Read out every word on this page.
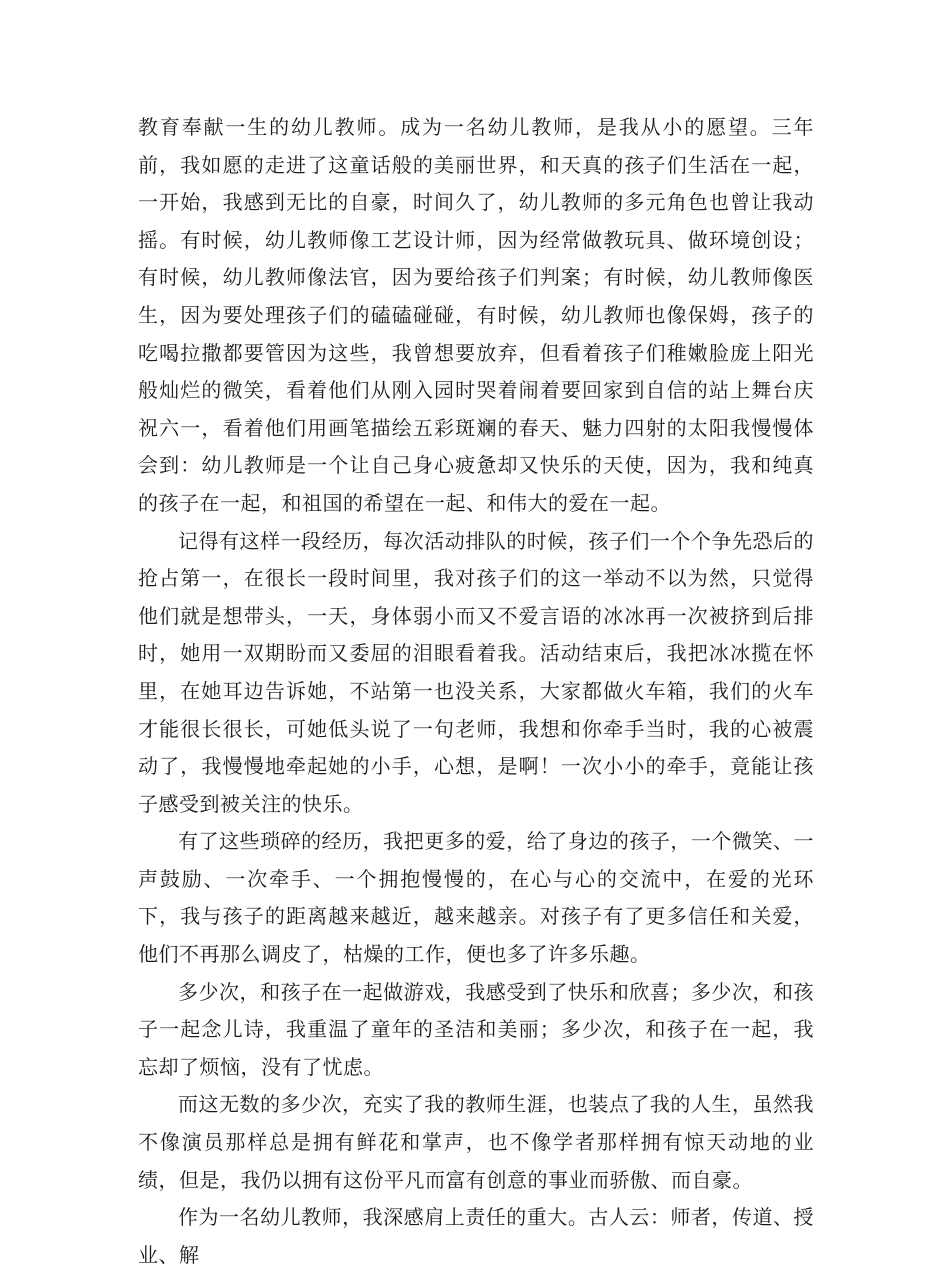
教育奉献一生的幼儿教师。成为一名幼儿教师，是我从小的愿望。三年前，我如愿的走进了这童话般的美丽世界，和天真的孩子们生活在一起，一开始，我感到无比的自豪，时间久了，幼儿教师的多元角色也曾让我动摇。有时候，幼儿教师像工艺设计师，因为经常做教玩具、做环境创设；有时候，幼儿教师像法官，因为要给孩子们判案；有时候，幼儿教师像医生，因为要处理孩子们的磕磕碰碰，有时候，幼儿教师也像保姆，孩子的吃喝拉撒都要管因为这些，我曾想要放弃，但看着孩子们稚嫩脸庞上阳光般灿烂的微笑，看着他们从刚入园时哭着闹着要回家到自信的站上舞台庆祝六一，看着他们用画笔描绘五彩斑斓的春天、魅力四射的太阳我慢慢体会到：幼儿教师是一个让自己身心疲惫却又快乐的天使，因为，我和纯真的孩子在一起，和祖国的希望在一起、和伟大的爱在一起。

记得有这样一段经历，每次活动排队的时候，孩子们一个个争先恐后的抢占第一，在很长一段时间里，我对孩子们的这一举动不以为然，只觉得他们就是想带头，一天，身体弱小而又不爱言语的冰冰再一次被挤到后排时，她用一双期盼而又委屈的泪眼看着我。活动结束后，我把冰冰揽在怀里，在她耳边告诉她，不站第一也没关系，大家都做火车箱，我们的火车才能很长很长，可她低头说了一句老师，我想和你牵手当时，我的心被震动了，我慢慢地牵起她的小手，心想，是啊！一次小小的牵手，竟能让孩子感受到被关注的快乐。

有了这些琐碎的经历，我把更多的爱，给了身边的孩子，一个微笑、一声鼓励、一次牵手、一个拥抱慢慢的，在心与心的交流中，在爱的光环下，我与孩子的距离越来越近，越来越亲。对孩子有了更多信任和关爱，他们不再那么调皮了，枯燥的工作，便也多了许多乐趣。

多少次，和孩子在一起做游戏，我感受到了快乐和欣喜；多少次，和孩子一起念儿诗，我重温了童年的圣洁和美丽；多少次，和孩子在一起，我忘却了烦恼，没有了忧虑。

而这无数的多少次，充实了我的教师生涯，也装点了我的人生，虽然我不像演员那样总是拥有鲜花和掌声，也不像学者那样拥有惊天动地的业绩，但是，我仍以拥有这份平凡而富有创意的事业而骄傲、而自豪。

作为一名幼儿教师，我深感肩上责任的重大。古人云：师者，传道、授业、解
